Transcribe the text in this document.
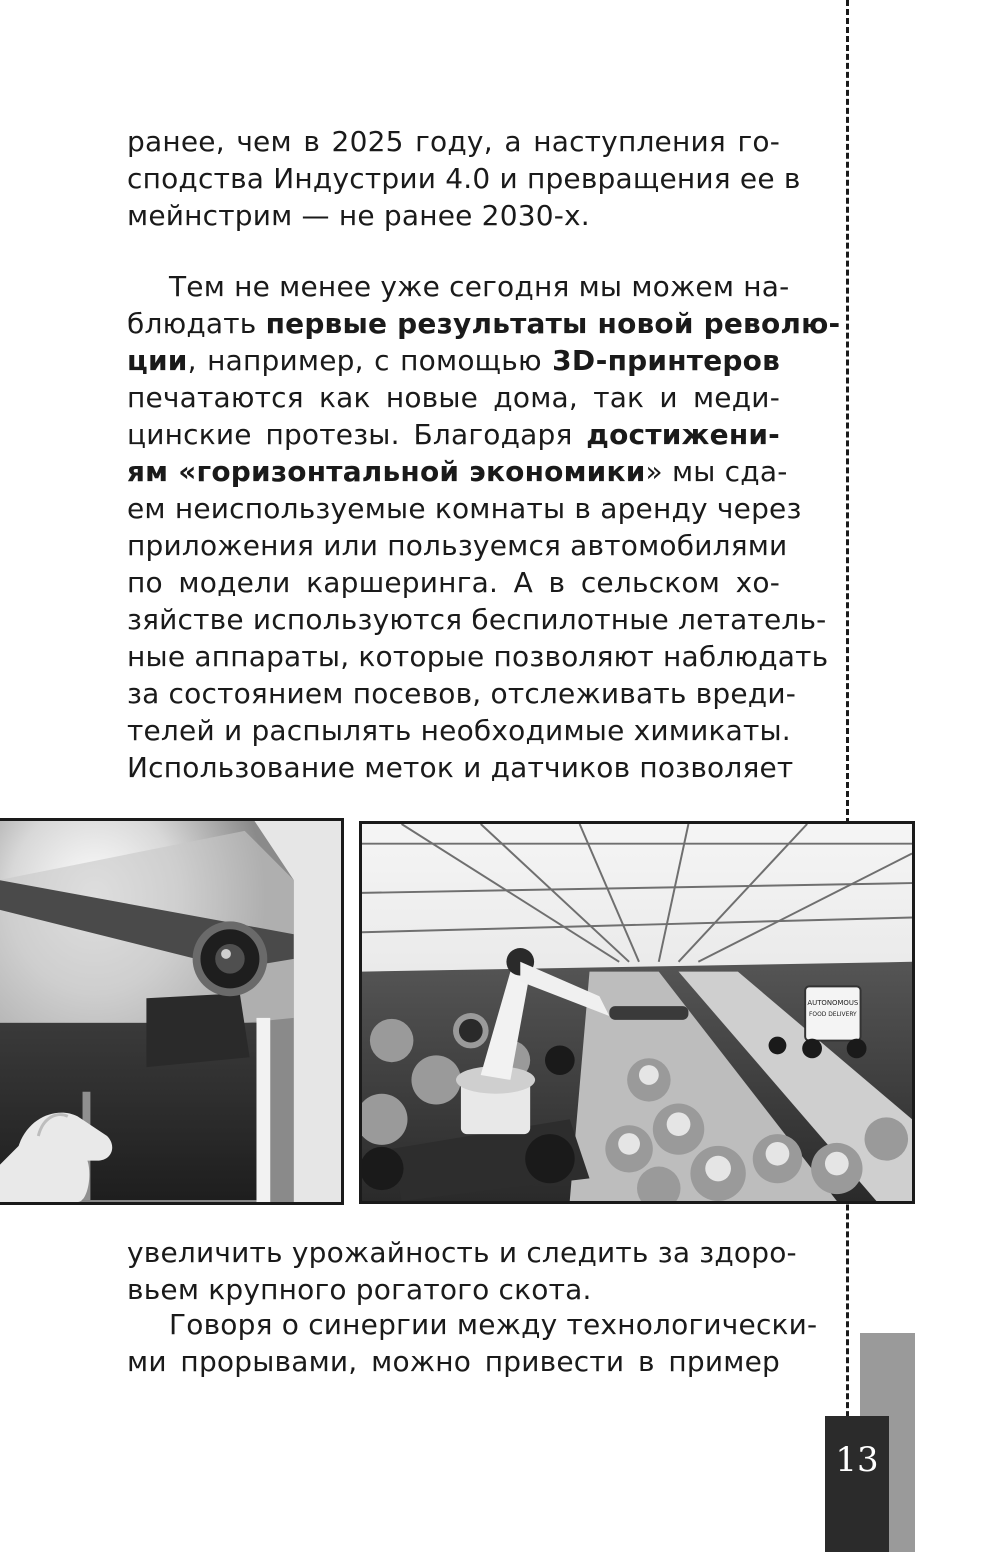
ранее, чем в 2025 году, а наступления го-
сподства Индустрии 4.0 и превращения ее в
мейнстрим — не ранее 2030-х.
Тем не менее уже сегодня мы можем на-
блюдать первые результаты новой револю-
ции, например, с помощью 3D-принтеров
печатаются как новые дома, так и меди-
цинские протезы. Благодаря достижени-
ям «горизонтальной экономики» мы сда-
ем неиспользуемые комнаты в аренду через
приложения или пользуемся автомобилями
по модели каршеринга. А в сельском хо-
зяйстве используются беспилотные летатель-
ные аппараты, которые позволяют наблюдать
за состоянием посевов, отслеживать вреди-
телей и распылять необходимые химикаты.
Использование меток и датчиков позволяет
AUTONOMOUS
FOOD DELIVERY
увеличить урожайность и следить за здоро-
вьем крупного рогатого скота.
Говоря о синергии между технологически-
ми прорывами, можно привести в пример
13
